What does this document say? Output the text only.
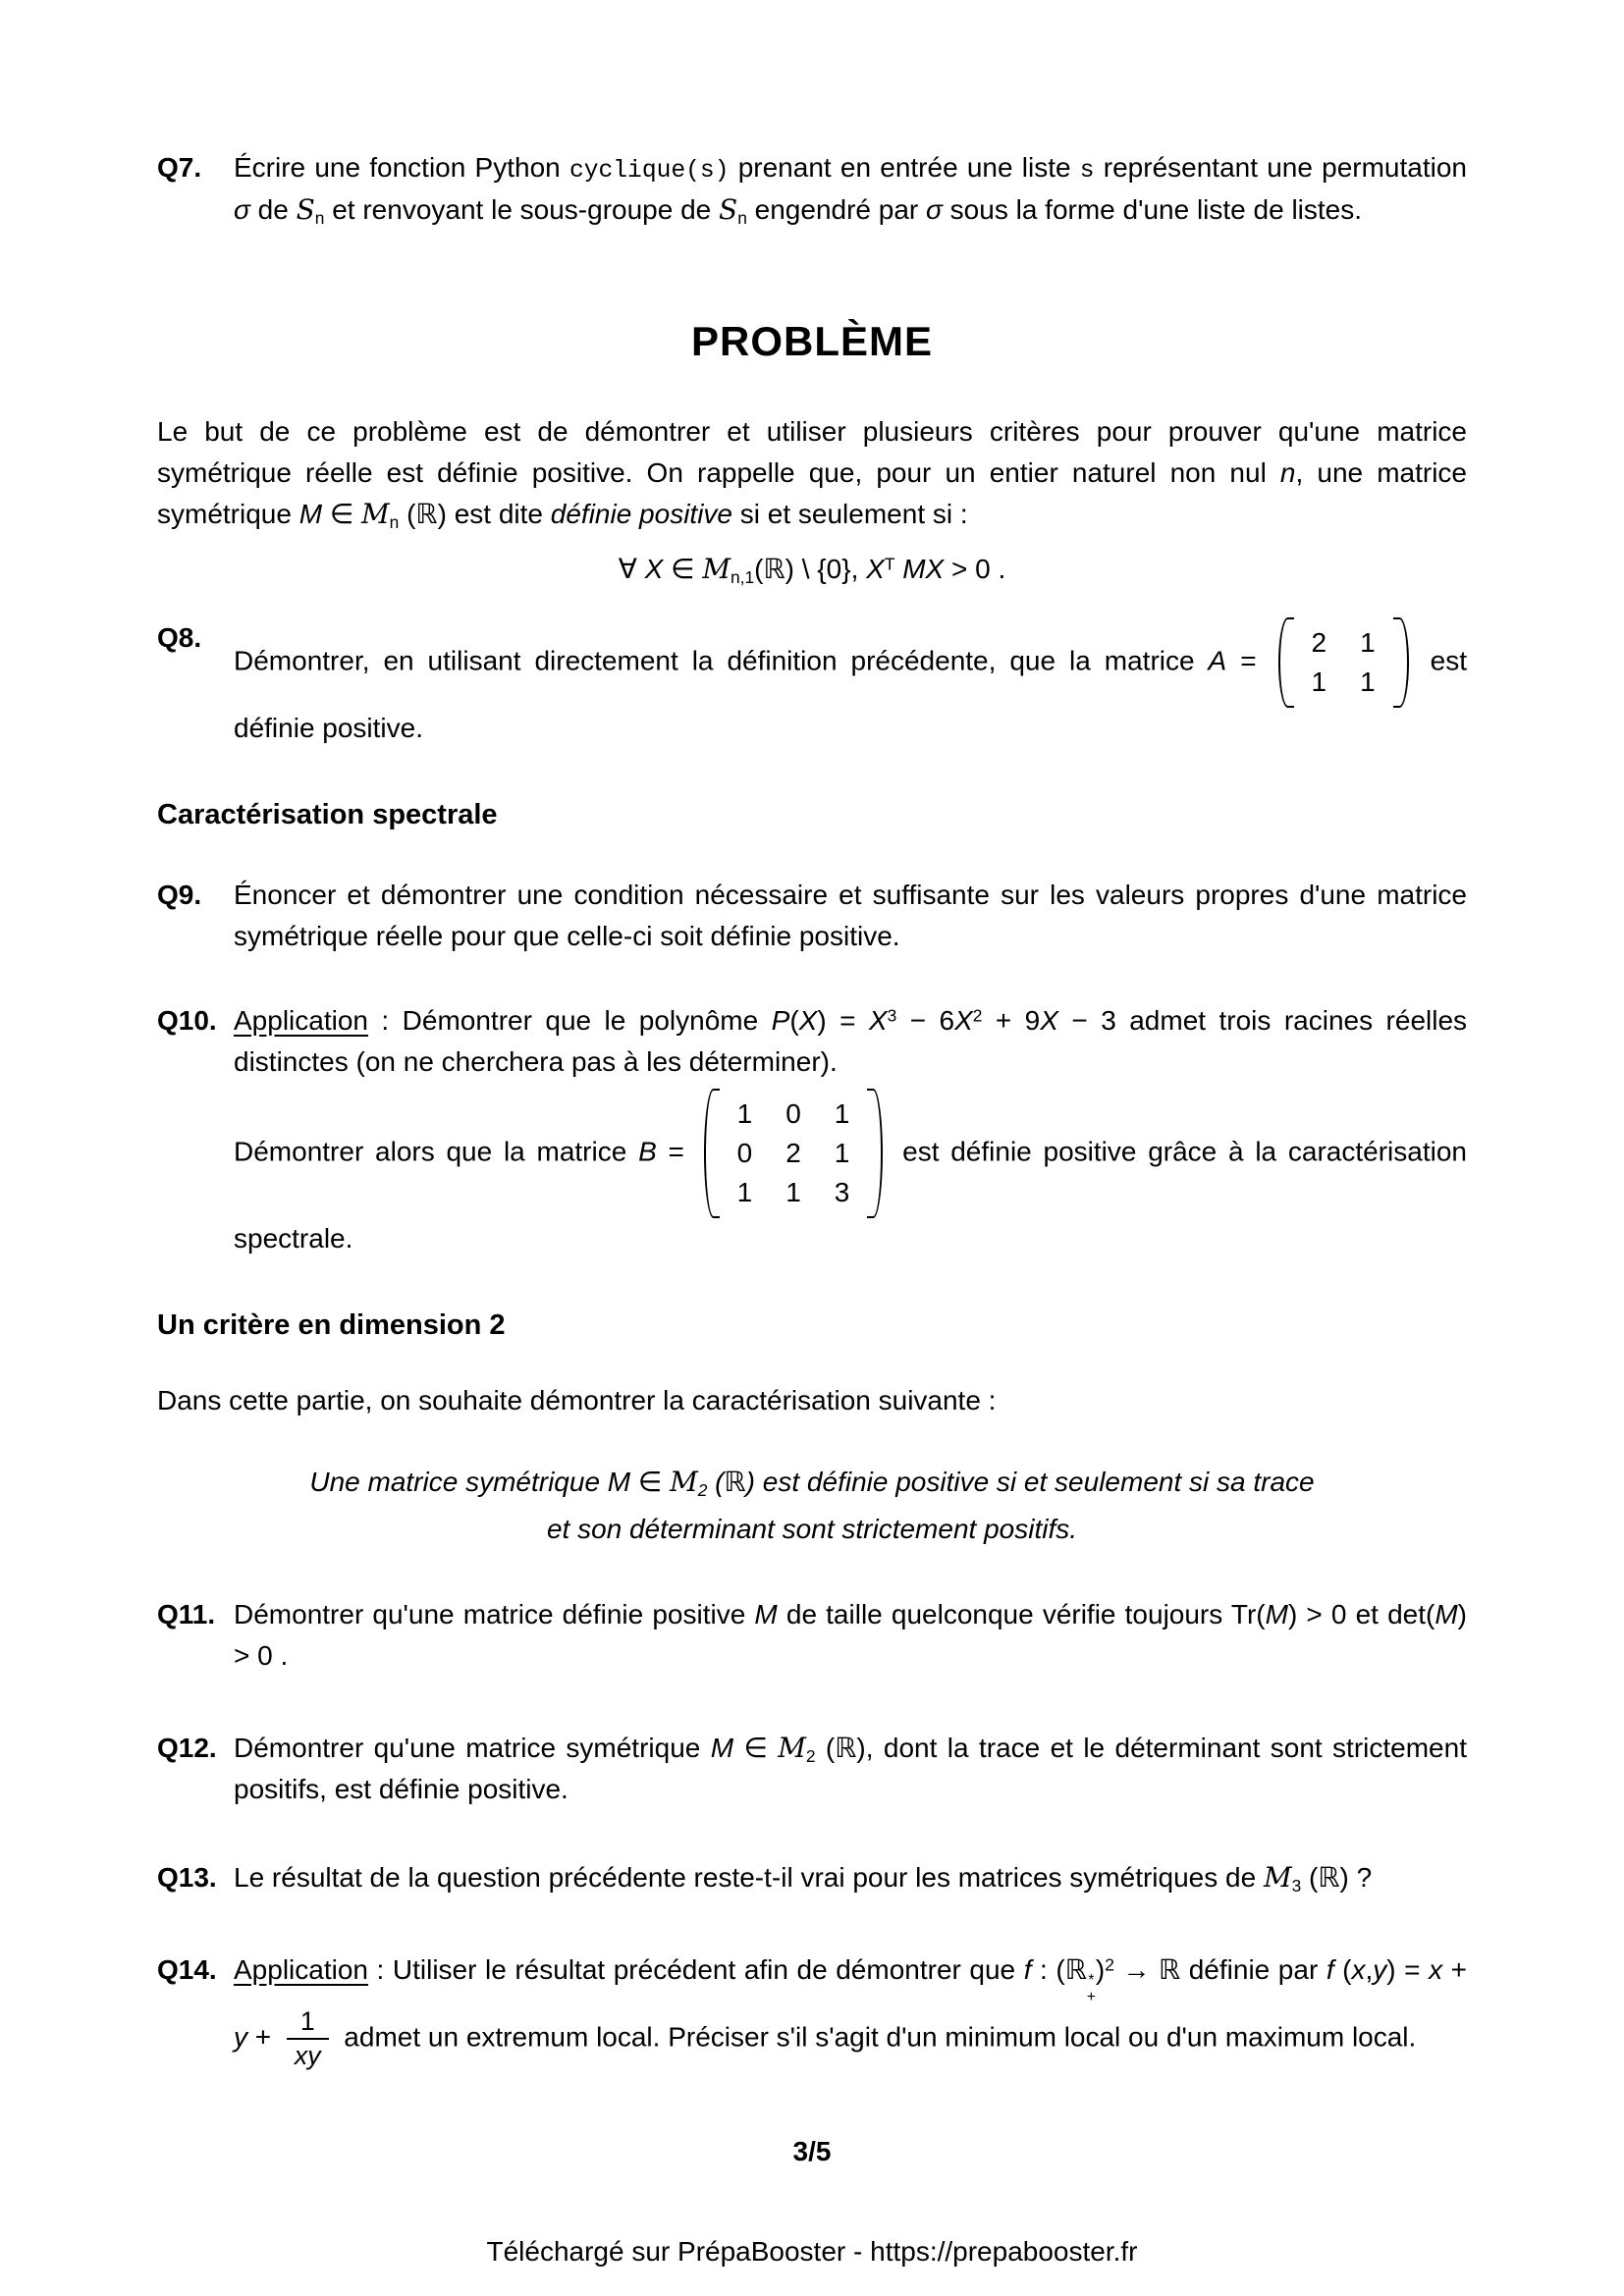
Q7.	Écrire une fonction Python cyclique(s) prenant en entrée une liste s représentant une permutation σ de $S_n$ et renvoyant le sous-groupe de $S_n$ engendré par σ sous la forme d'une liste de listes.
PROBLÈME
Le but de ce problème est de démontrer et utiliser plusieurs critères pour prouver qu'une matrice symétrique réelle est définie positive. On rappelle que, pour un entier naturel non nul n, une matrice symétrique M ∈ $M_n$ (ℝ) est dite définie positive si et seulement si :
∀ X ∈ $M_{n,1}(ℝ)$ \ {0}, $X^T$ MX > 0 .
Q8.
Démontrer, en utilisant directement la définition précédente, que la matrice A =
2 1
1 1
est définie positive.
Caractérisation spectrale
Q9.	Énoncer et démontrer une condition nécessaire et suffisante sur les valeurs propres d'une matrice symétrique réelle pour que celle-ci soit définie positive.
Q10. Application : Démontrer que le polynôme $P(X) = X^3 - 6X^2 + 9X - 3$ admet trois racines réelles distinctes (on ne cherchera pas à les déterminer).
Démontrer alors que la matrice B =
1 0 1
0 2 1
1 1 3
est définie positive grâce à la caractérisation spectrale.
Un critère en dimension 2
Dans cette partie, on souhaite démontrer la caractérisation suivante :
Une matrice symétrique M ∈ $M_2$ (ℝ) est définie positive si et seulement si sa trace
et son déterminant sont strictement positifs.
Q11. Démontrer qu'une matrice définie positive M de taille quelconque vérifie toujours Tr(M) > 0 et det(M) > 0 .
Q12. Démontrer qu'une matrice symétrique M ∈ $M_2$ (ℝ), dont la trace et le déterminant sont strictement positifs, est définie positive.
Q13. Le résultat de la question précédente reste-t-il vrai pour les matrices symétriques de $M_3$ (ℝ) ?
Q14. Application : Utiliser le résultat précédent afin de démontrer que f : (ℝ *
+
)$^2$ → ℝ définie par f $(x,y) = x + y + \frac{1}{xy}$ admet un extremum local. Préciser s'il s'agit d'un minimum local ou d'un maximum local.
3/5
Téléchargé sur PrépaBooster - https://prepabooster.fr
